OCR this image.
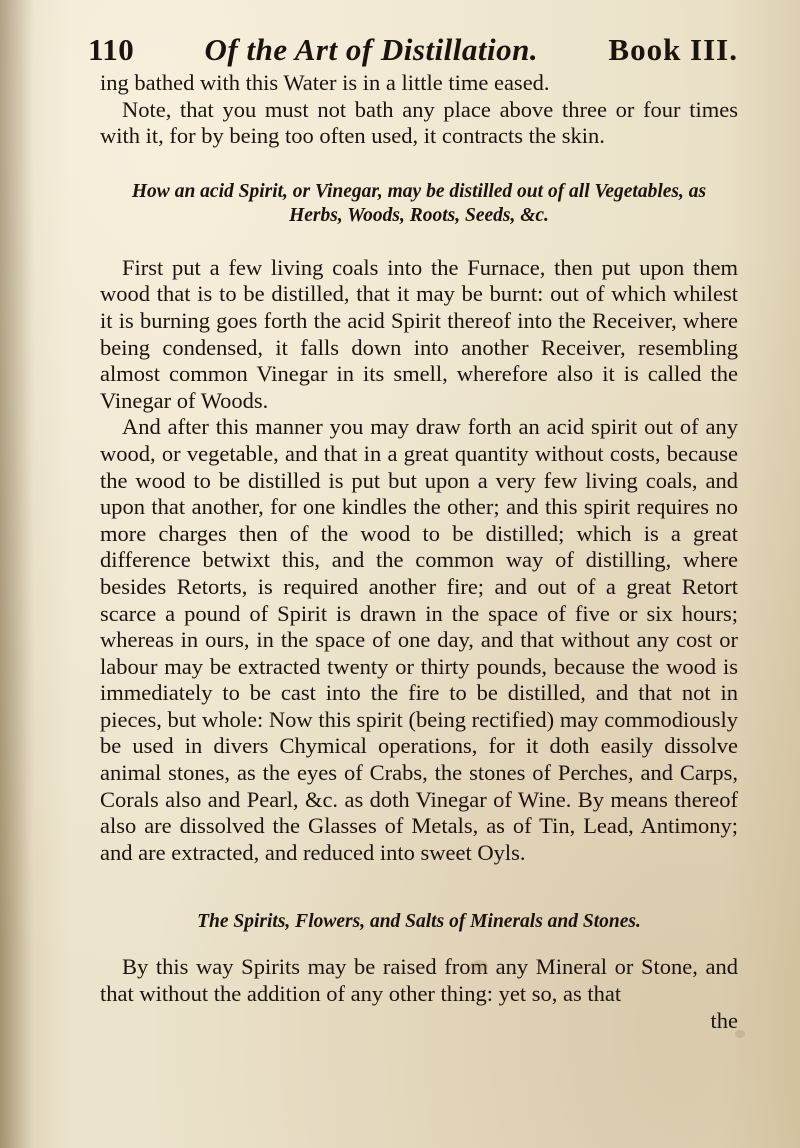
110 Of the Art of Distillation. Book III.

ing bathed with this Water is in a little time eased.

Note, that you must not bath any place above three or four times with it, for by being too often used, it contracts the skin.

How an acid Spirit, or Vinegar, may be distilled out of all Vegetables, as Herbs, Woods, Roots, Seeds, &c.

First put a few living coals into the Furnace, then put upon them wood that is to be distilled, that it may be burnt: out of which whilest it is burning goes forth the acid Spirit thereof into the Receiver, where being condensed, it falls down into another Receiver, resembling almost common Vinegar in its smell, wherefore also it is called the Vinegar of Woods.

And after this manner you may draw forth an acid spirit out of any wood, or vegetable, and that in a great quantity without costs, because the wood to be distilled is put but upon a very few living coals, and upon that another, for one kindles the other; and this spirit requires no more charges then of the wood to be distilled; which is a great difference betwixt this, and the common way of distilling, where besides Retorts, is required another fire; and out of a great Retort scarce a pound of Spirit is drawn in the space of five or six hours; whereas in ours, in the space of one day, and that without any cost or labour may be extracted twenty or thirty pounds, because the wood is immediately to be cast into the fire to be distilled, and that not in pieces, but whole: Now this spirit (being rectified) may commodiously be used in divers Chymical operations, for it doth easily dissolve animal stones, as the eyes of Crabs, the stones of Perches, and Carps, Corals also and Pearl, &c. as doth Vinegar of Wine. By means thereof also are dissolved the Glasses of Metals, as of Tin, Lead, Antimony; and are extracted, and reduced into sweet Oyls.

The Spirits, Flowers, and Salts of Minerals and Stones.

By this way Spirits may be raised from any Mineral or Stone, and that without the addition of any other thing: yet so, as that

the
